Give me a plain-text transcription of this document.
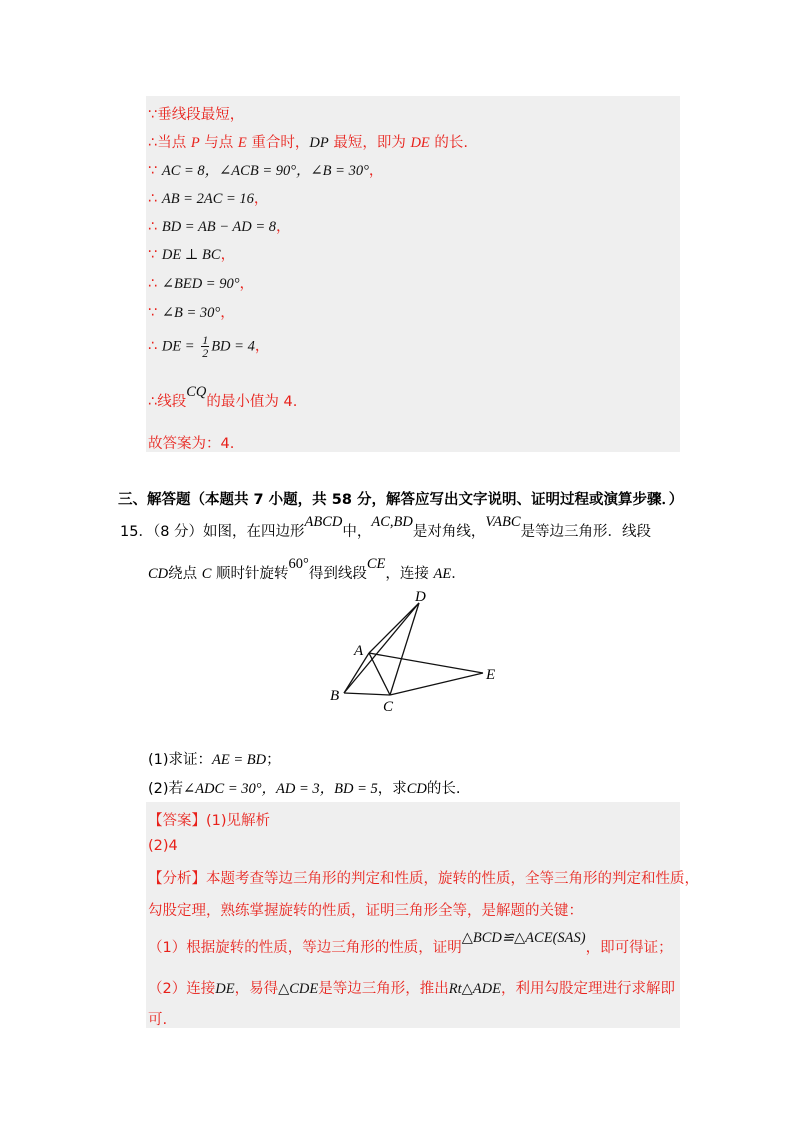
∵垂线段最短，
∴当点 P 与点 E 重合时，DP 最短，即为 DE 的长.
∵ AC = 8，∠ACB = 90°，∠B = 30°，
∴ AB = 2AC = 16，
∴ BD = AB − AD = 8，
∵ DE ⊥ BC，
∴ ∠BED = 90°，
∵ ∠B = 30°，
∴ DE = $\frac{1}{2}$ BD = 4，
∴线段CQ的最小值为 4.
故答案为：4.
三、解答题（本题共 7 小题，共 58 分，解答应写出文字说明、证明过程或演算步骤．）
15．（8 分）如图，在四边形ABCD中，AC,BD是对角线，VABC是等边三角形．线段
CD绕点 C 顺时针旋转60°得到线段CE，连接 AE．
A
B
C
D
E
(1)求证：AE = BD；
(2)若∠ADC = 30°，AD = 3，BD = 5，求CD的长.
【答案】(1)见解析
(2)4
【分析】本题考查等边三角形的判定和性质，旋转的性质，全等三角形的判定和性质，
勾股定理，熟练掌握旋转的性质，证明三角形全等，是解题的关键：
（1）根据旋转的性质，等边三角形的性质，证明△BCD≌△ACE(SAS)，即可得证；
（2）连接DE，易得△CDE是等边三角形，推出Rt△ADE，利用勾股定理进行求解即
可.
